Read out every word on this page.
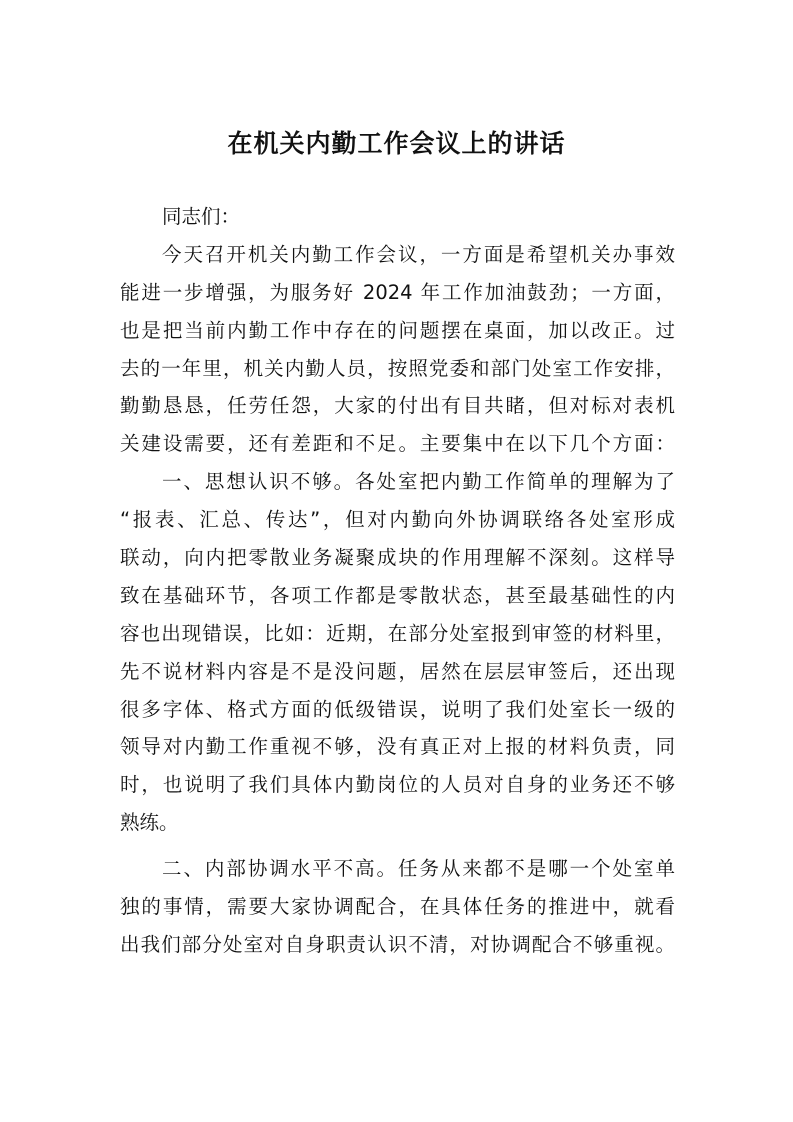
在机关内勤工作会议上的讲话
同志们：
今天召开机关内勤工作会议，一方面是希望机关办事效
能进一步增强，为服务好 2024 年工作加油鼓劲；一方面，
也是把当前内勤工作中存在的问题摆在桌面，加以改正。过
去的一年里，机关内勤人员，按照党委和部门处室工作安排，
勤勤恳恳，任劳任怨，大家的付出有目共睹，但对标对表机
关建设需要，还有差距和不足。主要集中在以下几个方面：
一、思想认识不够。各处室把内勤工作简单的理解为了
“报表、汇总、传达”，但对内勤向外协调联络各处室形成
联动，向内把零散业务凝聚成块的作用理解不深刻。这样导
致在基础环节，各项工作都是零散状态，甚至最基础性的内
容也出现错误，比如：近期，在部分处室报到审签的材料里，
先不说材料内容是不是没问题，居然在层层审签后，还出现
很多字体、格式方面的低级错误，说明了我们处室长一级的
领导对内勤工作重视不够，没有真正对上报的材料负责，同
时，也说明了我们具体内勤岗位的人员对自身的业务还不够
熟练。
二、内部协调水平不高。任务从来都不是哪一个处室单
独的事情，需要大家协调配合，在具体任务的推进中，就看
出我们部分处室对自身职责认识不清，对协调配合不够重视。
